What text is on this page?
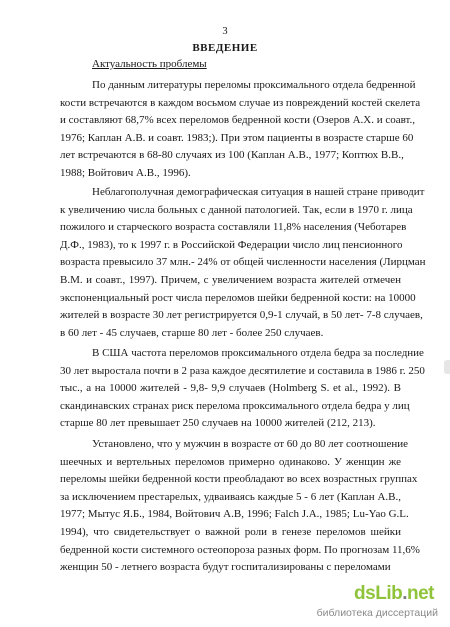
3
ВВЕДЕНИЕ
Актуальность проблемы
По данным литературы переломы проксимального отдела бедренной
кости встречаются в каждом восьмом случае из повреждений костей скелета
и составляют 68,7% всех переломов бедренной кости (Озеров А.Х. и соавт.,
1976; Каплан А.В. и соавт. 1983;). При этом пациенты в возрасте старше 60
лет встречаются в 68-80 случаях из 100 (Каплан А.В., 1977; Коптюх В.В.,
1988; Войтович А.В., 1996).
Неблагополучная демографическая ситуация в нашей стране приводит
к увеличению числа больных с данной патологией. Так, если в 1970 г. лица
пожилого и старческого возраста составляли 11,8% населения (Чеботарев
Д.Ф., 1983), то к 1997 г. в Российской Федерации число лиц пенсионного
возраста превысило 37 млн.- 24% от общей численности населения (Лирцман
В.М. и соавт., 1997). Причем, с увеличением возраста жителей отмечен
экспоненциальный рост числа переломов шейки бедренной кости: на 10000
жителей в возрасте 30 лет регистрируется 0,9-1 случай, в 50 лет- 7-8 случаев,
в 60 лет - 45 случаев, старше 80 лет - более 250 случаев.
В США частота переломов проксимального отдела бедра за последние
30 лет выростала почти в 2 раза каждое десятилетие и составила в 1986 г. 250
тыс., а на 10000 жителей - 9,8- 9,9 случаев (Holmberg S. et al., 1992). В
скандинавских странах риск перелома проксимального отдела бедра у лиц
старше 80 лет превышает 250 случаев на 10000 жителей (212, 213).
Установлено, что у мужчин в возрасте от 60 до 80 лет соотношение
шеечных и вертельных переломов примерно одинаково. У женщин же
переломы шейки бедренной кости преобладают во всех возрастных группах
за исключением престарелых, удваиваясь каждые 5 - 6 лет (Каплан А.В.,
1977; Мытус Я.Б., 1984, Войтович А.В, 1996; Falch J.A., 1985; Lu-Yao G.L.
1994), что свидетельствует о важной роли в генезе переломов шейки
бедренной кости системного остеопороза разных форм. По прогнозам 11,6%
женщин 50 - летнего возраста будут госпитализированы с переломами
dsLib.net
библиотека диссертаций
